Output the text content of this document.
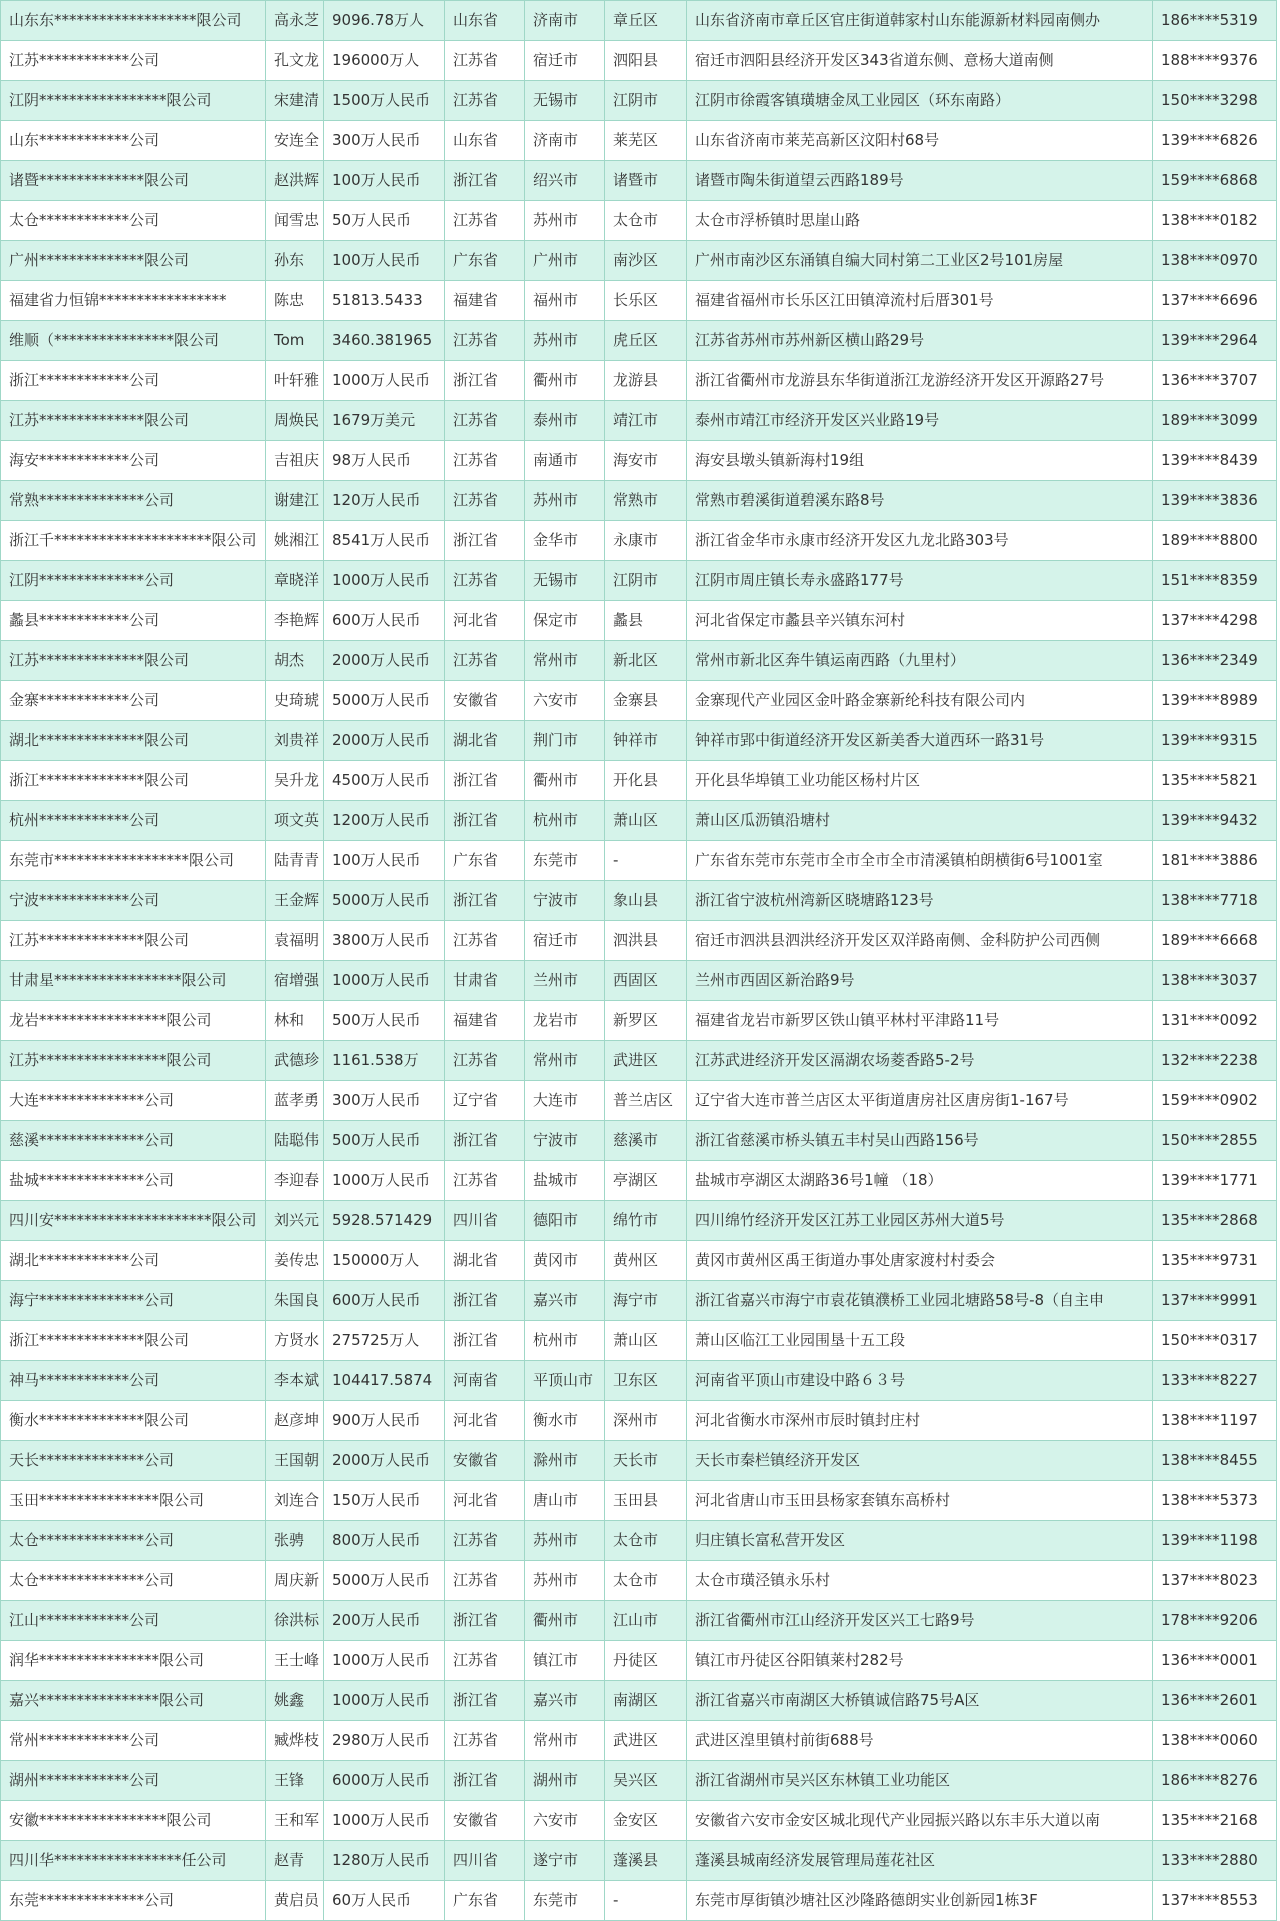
山东东*******************限公司	高永芝	9096.78万人	山东省	济南市	章丘区	山东省济南市章丘区官庄街道韩家村山东能源新材料园南侧办	186****5319
江苏************公司	孔文龙	196000万人	江苏省	宿迁市	泗阳县	宿迁市泗阳县经济开发区343省道东侧、意杨大道南侧	188****9376
江阴*****************限公司	宋建清	1500万人民币	江苏省	无锡市	江阴市	江阴市徐霞客镇璜塘金凤工业园区（环东南路）	150****3298
山东************公司	安连全	300万人民币	山东省	济南市	莱芜区	山东省济南市莱芜高新区汶阳村68号	139****6826
诸暨**************限公司	赵洪辉	100万人民币	浙江省	绍兴市	诸暨市	诸暨市陶朱街道望云西路189号	159****6868
太仓************公司	闻雪忠	50万人民币	江苏省	苏州市	太仓市	太仓市浮桥镇时思崖山路	138****0182
广州**************限公司	孙东	100万人民币	广东省	广州市	南沙区	广州市南沙区东涌镇自编大同村第二工业区2号101房屋	138****0970
福建省力恒锦*****************	陈忠	51813.5433	福建省	福州市	长乐区	福建省福州市长乐区江田镇漳流村后厝301号	137****6696
维顺（****************限公司	Tom	3460.381965	江苏省	苏州市	虎丘区	江苏省苏州市苏州新区横山路29号	139****2964
浙江************公司	叶轩雅	1000万人民币	浙江省	衢州市	龙游县	浙江省衢州市龙游县东华街道浙江龙游经济开发区开源路27号	136****3707
江苏**************限公司	周焕民	1679万美元	江苏省	泰州市	靖江市	泰州市靖江市经济开发区兴业路19号	189****3099
海安************公司	吉祖庆	98万人民币	江苏省	南通市	海安市	海安县墩头镇新海村19组	139****8439
常熟**************公司	谢建江	120万人民币	江苏省	苏州市	常熟市	常熟市碧溪街道碧溪东路8号	139****3836
浙江千*********************限公司	姚湘江	8541万人民币	浙江省	金华市	永康市	浙江省金华市永康市经济开发区九龙北路303号	189****8800
江阴**************公司	章晓洋	1000万人民币	江苏省	无锡市	江阴市	江阴市周庄镇长寿永盛路177号	151****8359
蠡县************公司	李艳辉	600万人民币	河北省	保定市	蠡县	河北省保定市蠡县辛兴镇东河村	137****4298
江苏**************限公司	胡杰	2000万人民币	江苏省	常州市	新北区	常州市新北区奔牛镇运南西路（九里村）	136****2349
金寨************公司	史琦琥	5000万人民币	安徽省	六安市	金寨县	金寨现代产业园区金叶路金寨新纶科技有限公司内	139****8989
湖北**************限公司	刘贵祥	2000万人民币	湖北省	荆门市	钟祥市	钟祥市郢中街道经济开发区新美香大道西环一路31号	139****9315
浙江**************限公司	吴升龙	4500万人民币	浙江省	衢州市	开化县	开化县华埠镇工业功能区杨村片区	135****5821
杭州************公司	项文英	1200万人民币	浙江省	杭州市	萧山区	萧山区瓜沥镇沿塘村	139****9432
东莞市******************限公司	陆青青	100万人民币	广东省	东莞市	-	广东省东莞市东莞市全市全市全市清溪镇柏朗横街6号1001室	181****3886
宁波************公司	王金辉	5000万人民币	浙江省	宁波市	象山县	浙江省宁波杭州湾新区晓塘路123号	138****7718
江苏**************限公司	袁福明	3800万人民币	江苏省	宿迁市	泗洪县	宿迁市泗洪县泗洪经济开发区双洋路南侧、金科防护公司西侧	189****6668
甘肃星*****************限公司	宿增强	1000万人民币	甘肃省	兰州市	西固区	兰州市西固区新治路9号	138****3037
龙岩*****************限公司	林和	500万人民币	福建省	龙岩市	新罗区	福建省龙岩市新罗区铁山镇平林村平津路11号	131****0092
江苏*****************限公司	武德珍	1161.538万	江苏省	常州市	武进区	江苏武进经济开发区滆湖农场菱香路5-2号	132****2238
大连**************公司	蓝孝勇	300万人民币	辽宁省	大连市	普兰店区	辽宁省大连市普兰店区太平街道唐房社区唐房街1-167号	159****0902
慈溪**************公司	陆聪伟	500万人民币	浙江省	宁波市	慈溪市	浙江省慈溪市桥头镇五丰村吴山西路156号	150****2855
盐城**************公司	李迎春	1000万人民币	江苏省	盐城市	亭湖区	盐城市亭湖区太湖路36号1幢 （18）	139****1771
四川安*********************限公司	刘兴元	5928.571429	四川省	德阳市	绵竹市	四川绵竹经济开发区江苏工业园区苏州大道5号	135****2868
湖北************公司	姜传忠	150000万人	湖北省	黄冈市	黄州区	黄冈市黄州区禹王街道办事处唐家渡村村委会	135****9731
海宁**************公司	朱国良	600万人民币	浙江省	嘉兴市	海宁市	浙江省嘉兴市海宁市袁花镇濮桥工业园北塘路58号-8（自主申	137****9991
浙江**************限公司	方贤水	275725万人	浙江省	杭州市	萧山区	萧山区临江工业园围垦十五工段	150****0317
神马************公司	李本斌	104417.5874	河南省	平顶山市	卫东区	河南省平顶山市建设中路６３号	133****8227
衡水**************限公司	赵彦坤	900万人民币	河北省	衡水市	深州市	河北省衡水市深州市辰时镇封庄村	138****1197
天长**************公司	王国朝	2000万人民币	安徽省	滁州市	天长市	天长市秦栏镇经济开发区	138****8455
玉田****************限公司	刘连合	150万人民币	河北省	唐山市	玉田县	河北省唐山市玉田县杨家套镇东高桥村	138****5373
太仓**************公司	张骋	800万人民币	江苏省	苏州市	太仓市	归庄镇长富私营开发区	139****1198
太仓**************公司	周庆新	5000万人民币	江苏省	苏州市	太仓市	太仓市璜泾镇永乐村	137****8023
江山************公司	徐洪标	200万人民币	浙江省	衢州市	江山市	浙江省衢州市江山经济开发区兴工七路9号	178****9206
润华****************限公司	王士峰	1000万人民币	江苏省	镇江市	丹徒区	镇江市丹徒区谷阳镇莱村282号	136****0001
嘉兴****************限公司	姚鑫	1000万人民币	浙江省	嘉兴市	南湖区	浙江省嘉兴市南湖区大桥镇诚信路75号A区	136****2601
常州************公司	臧烨枝	2980万人民币	江苏省	常州市	武进区	武进区湟里镇村前街688号	138****0060
湖州************公司	王锋	6000万人民币	浙江省	湖州市	吴兴区	浙江省湖州市吴兴区东林镇工业功能区	186****8276
安徽*****************限公司	王和军	1000万人民币	安徽省	六安市	金安区	安徽省六安市金安区城北现代产业园振兴路以东丰乐大道以南	135****2168
四川华*****************任公司	赵青	1280万人民币	四川省	遂宁市	蓬溪县	蓬溪县城南经济发展管理局莲花社区	133****2880
东莞**************公司	黄启员	60万人民币	广东省	东莞市	-	东莞市厚街镇沙塘社区沙隆路德朗实业创新园1栋3F	137****8553
